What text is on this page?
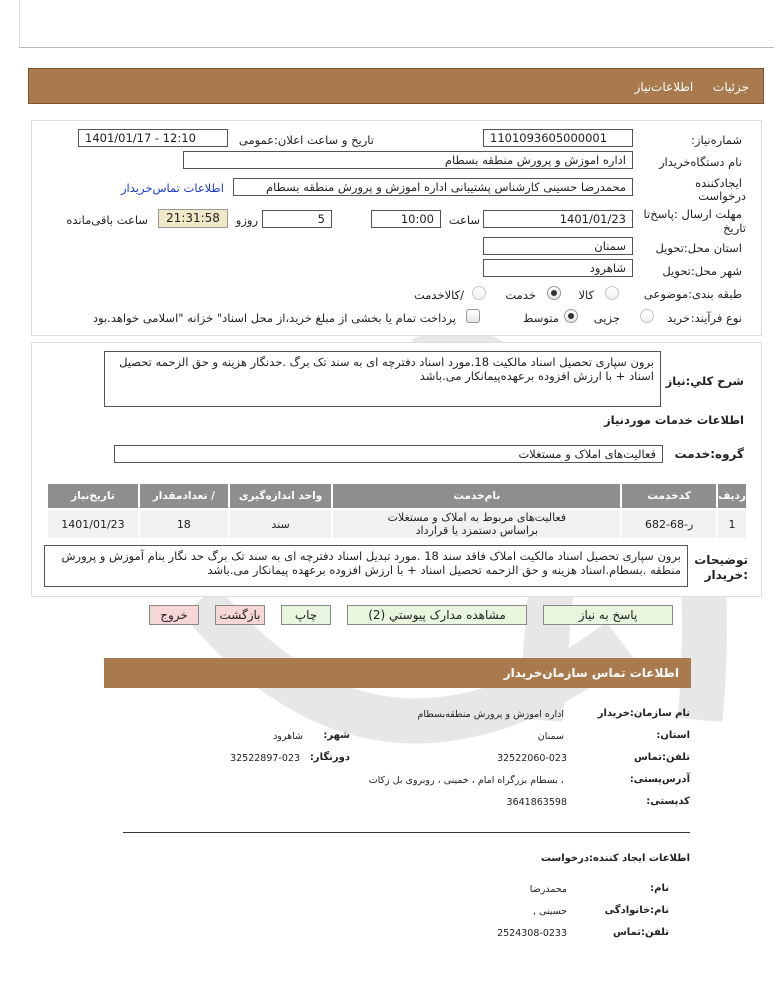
جزئیات اطلاعات‌نیاز
شماره‌نیاز:
1101093605000001
تاریخ و ساعت اعلان:عمومی
1401/01/17 - 12:10
نام دستگاه‌خریدار
اداره اموزش و پرورش منطقه بسطام
ایجادکننده
درخواست
محمدرضا حسینی کارشناس پشتیبانی اداره اموزش و پرورش منطقه بسطام
اطلاعات تماس‌خریدار
مهلت ارسال :پاسخ‌تا
تاریخ
1401/01/23
ساعت
10:00
5
روزو
21:31:58
ساعت باقی‌مانده
استان محل:تحویل
سمنان
شهر محل:تحویل
شاهرود
طبقه بندی:موضوعی
کالا
خدمت
/کالاخدمت
نوع فرآیند:
خرید
جزیی
متوسط
پرداخت تمام یا بخشی از مبلغ خرید،از محل اسناد" خزانه "اسلامی خواهد.بود
شرح کلي:نياز
برون سپاری تحصیل اسناد مالکیت 18.مورد اسناد دفترچه ای به سند تک برگ .حدنگار هزینه و حق الزحمه تحصیل اسناد + با ارزش افزوده برعهده‌پیمانکار می.باشد
اطلاعات خدمات موردنياز
گروه:خدمت
فعالیت‌های املاک و مستغلات
ردیف	کدخدمت	نام‌خدمت	واحد اندازه‌گیری	/ تعدادمقدار	تاریخ‌نیاز
1	ر-68-682	فعالیت‌های مربوط به املاک و مستغلات
براساس دستمزد یا قرارداد	سند	18	1401/01/23
توضیحات
:خریدار
برون سپاری تحصیل اسناد مالکیت املاک فاقد سند 18 .مورد تبدیل اسناد دفترچه ای به سند تک برگ حد نگار بنام آموزش و پرورش منطقه .بسطام.اسناد هزینه و حق الزحمه تحصیل اسناد + با ارزش افزوده برعهده پیمانکار می.باشد
پاسخ به نیاز
مشاهده مدارک پیوستي (2)
چاپ
بازگشت
خروج
اطلاعات تماس سازمان‌خریدار
نام سازمان:خریدار
اداره اموزش و پرورش منطقه‌بسطام
استان:
سمنان
شهر:
شاهرود
تلفن:تماس
32522060-023
دورنگار:
32522897-023
آدرس‌پستی:
، بسطام بزرگراه امام ، خمینی ، روبروی بل زکات
کدپستی:
3641863598
اطلاعات ایجاد کننده:درخواست
نام:
محمدرضا
نام:خانوادگی
حسینی ,
تلفن:تماس
2524308-0233
